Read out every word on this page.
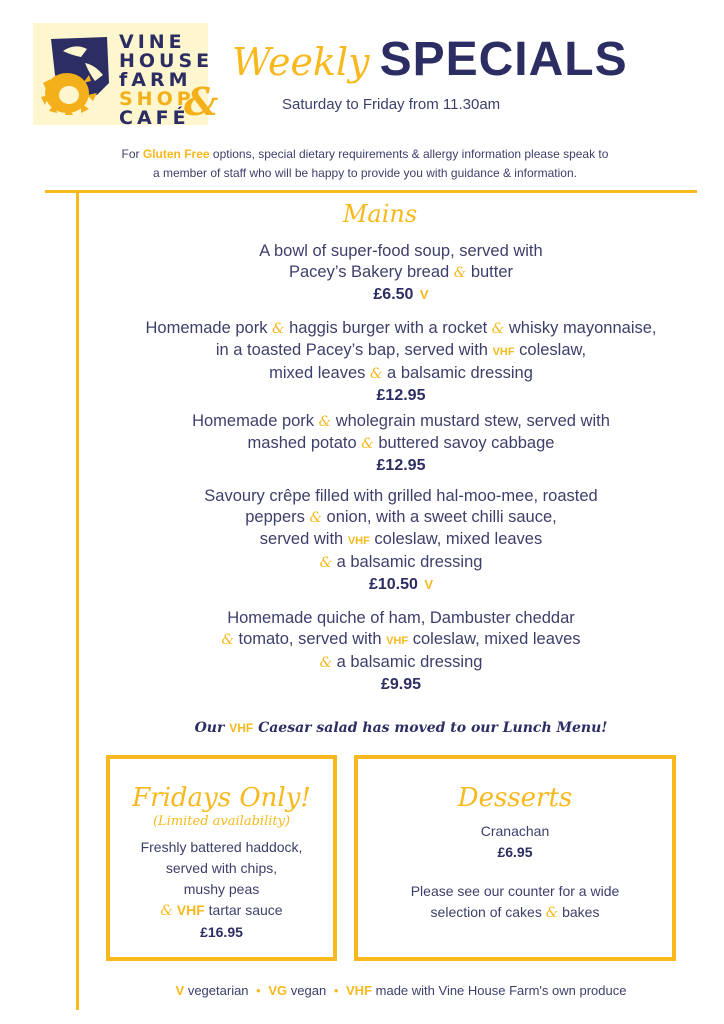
VINE
HOUSE
fARM
SHOP
CAFÉ
&
Weekly SPECIALS
Saturday to Friday from 11.30am
For Gluten Free options, special dietary requirements & allergy information please speak to
a member of staff who will be happy to provide you with guidance & information.
Mains
A bowl of super-food soup, served with
Pacey’s Bakery bread & butter
£6.50 V
Homemade pork & haggis burger with a rocket & whisky mayonnaise,
in a toasted Pacey’s bap, served with VHF coleslaw,
mixed leaves & a balsamic dressing
£12.95
Homemade pork & wholegrain mustard stew, served with
mashed potato & buttered savoy cabbage
£12.95
Savoury crêpe filled with grilled hal-moo-mee, roasted
peppers & onion, with a sweet chilli sauce,
served with VHF coleslaw, mixed leaves
& a balsamic dressing
£10.50 V
Homemade quiche of ham, Dambuster cheddar
& tomato, served with VHF coleslaw, mixed leaves
& a balsamic dressing
£9.95
Our VHF Caesar salad has moved to our Lunch Menu!
Fridays Only!
(Limited availability)
Freshly battered haddock,
served with chips,
mushy peas
& VHF tartar sauce
£16.95
Desserts
Cranachan
£6.95
Please see our counter for a wide
selection of cakes & bakes
V vegetarian • VG vegan • VHF made with Vine House Farm's own produce
